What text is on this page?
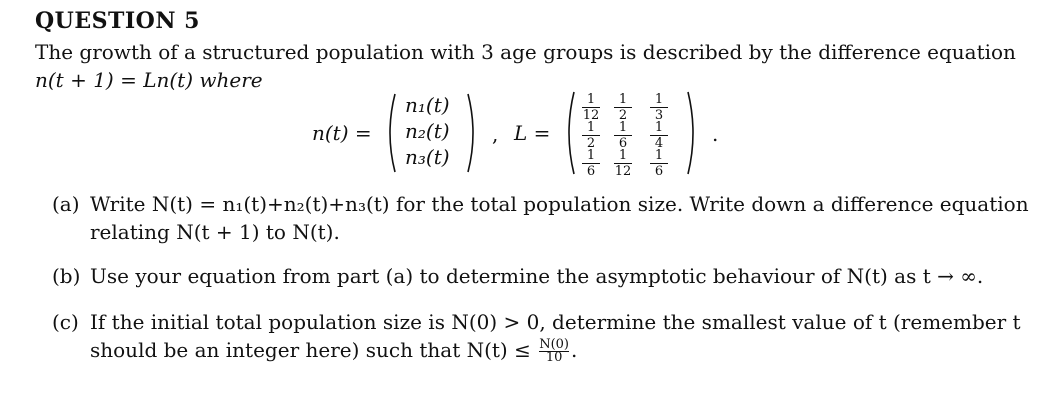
QUESTION 5
The growth of a structured population with 3 age groups is described by the difference equation
n(t + 1) = Ln(t) where
n(t) =
n₁(t)
n₂(t)
n₃(t)
, L =
1
12
1
2
1
3
1
2
1
6
1
4
1
6
1
12
1
6
.
(a) Write N(t) = n₁(t)+n₂(t)+n₃(t) for the total population size. Write down a difference equation
relating N(t + 1) to N(t).
(b) Use your equation from part (a) to determine the asymptotic behaviour of N(t) as t → ∞.
(c) If the initial total population size is N(0) > 0, determine the smallest value of t (remember t
should be an integer here) such that $N(t) \le \frac{N(0)}{10}$ .
